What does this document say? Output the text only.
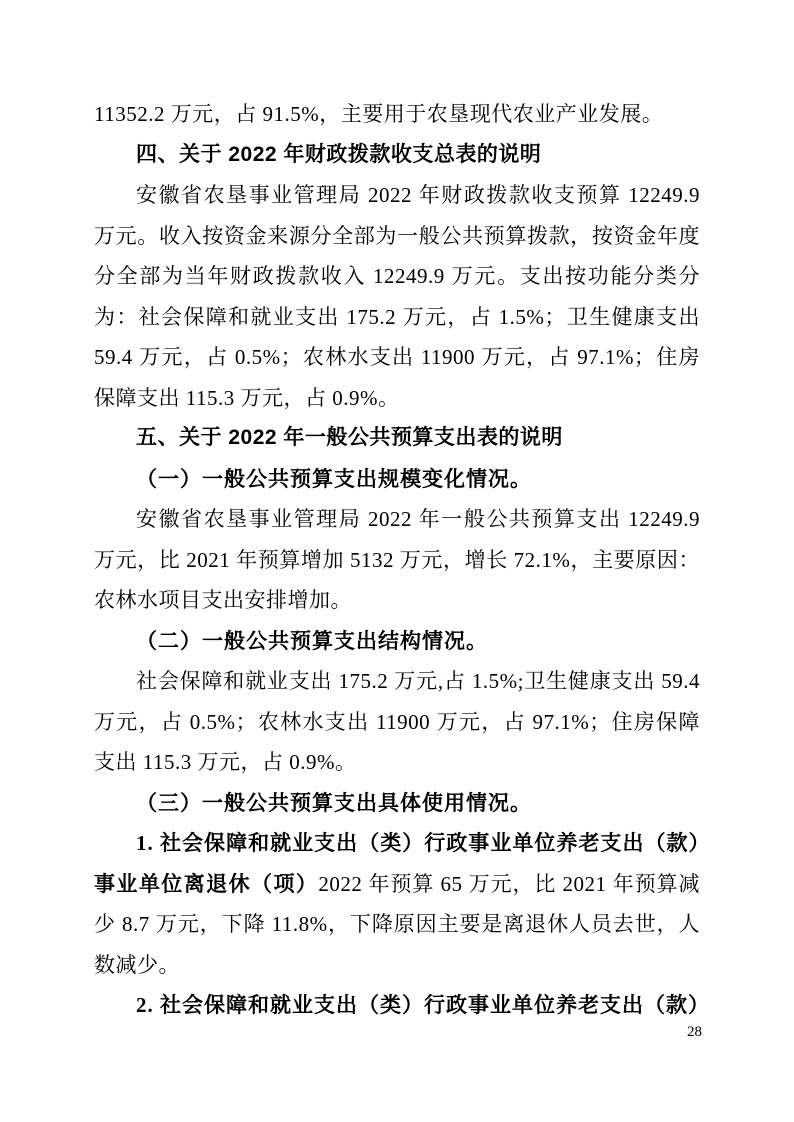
11352.2 万元，占 91.5%，主要用于农垦现代农业产业发展。

四、关于 2022 年财政拨款收支总表的说明

安徽省农垦事业管理局 2022 年财政拨款收支预算 12249.9 万元。收入按资金来源分全部为一般公共预算拨款，按资金年度分全部为当年财政拨款收入 12249.9 万元。支出按功能分类分为：社会保障和就业支出 175.2 万元，占 1.5%；卫生健康支出 59.4 万元，占 0.5%；农林水支出 11900 万元，占 97.1%；住房保障支出 115.3 万元，占 0.9%。

五、关于 2022 年一般公共预算支出表的说明

（一）一般公共预算支出规模变化情况。

安徽省农垦事业管理局 2022 年一般公共预算支出 12249.9 万元，比 2021 年预算增加 5132 万元，增长 72.1%，主要原因：农林水项目支出安排增加。

（二）一般公共预算支出结构情况。

社会保障和就业支出 175.2 万元,占 1.5%;卫生健康支出 59.4 万元，占 0.5%；农林水支出 11900 万元，占 97.1%；住房保障支出 115.3 万元，占 0.9%。

（三）一般公共预算支出具体使用情况。

1. 社会保障和就业支出（类）行政事业单位养老支出（款）事业单位离退休（项）2022 年预算 65 万元，比 2021 年预算减少 8.7 万元，下降 11.8%，下降原因主要是离退休人员去世，人数减少。

2. 社会保障和就业支出（类）行政事业单位养老支出（款）

28
